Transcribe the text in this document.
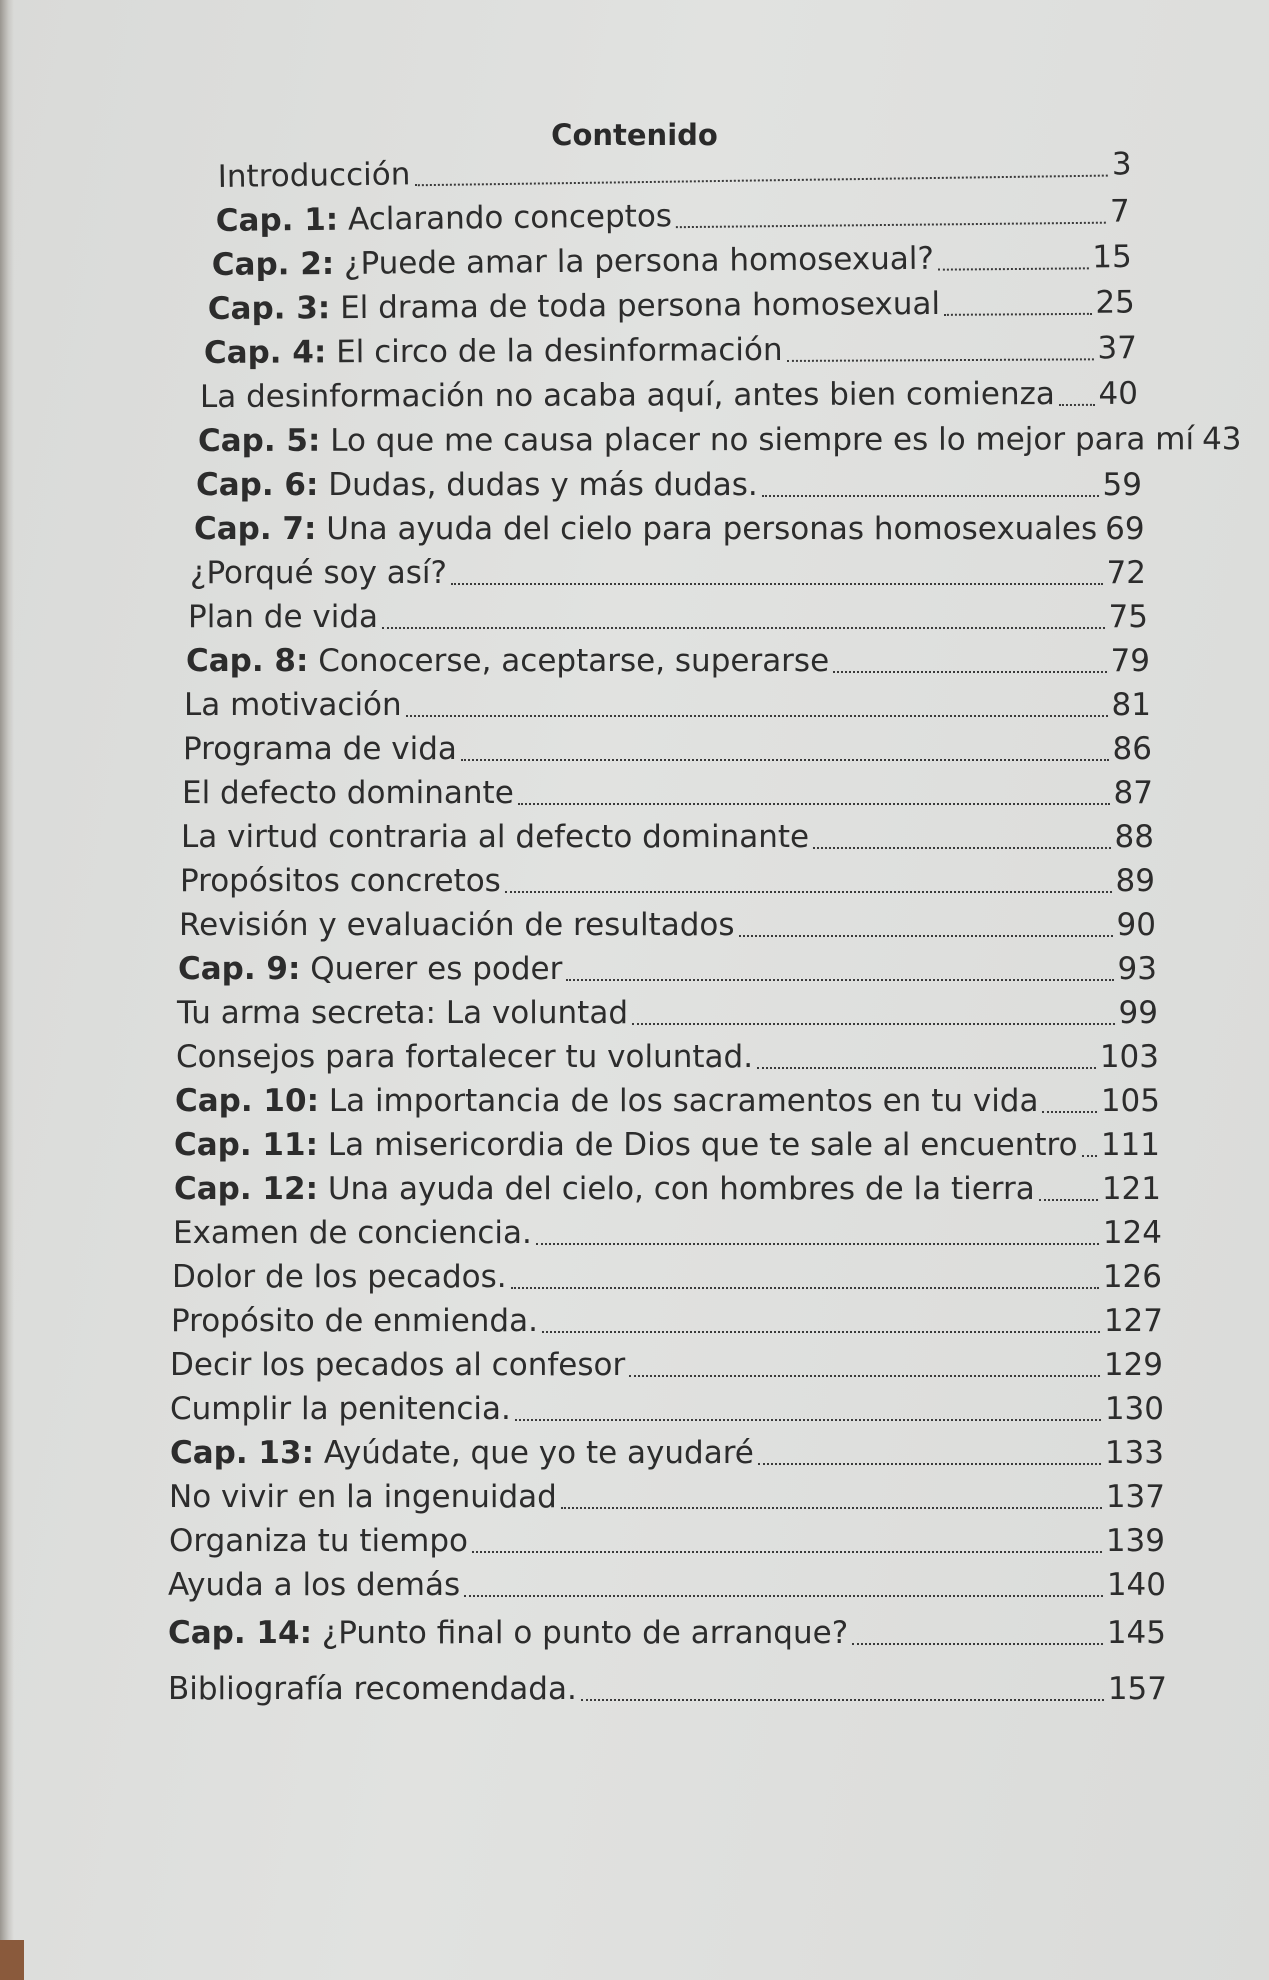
Contenido
Introducción	3
Cap. 1: Aclarando conceptos	7
Cap. 2: ¿Puede amar la persona homosexual?	15
Cap. 3: El drama de toda persona homosexual	25
Cap. 4: El circo de la desinformación	37
La desinformación no acaba aquí, antes bien comienza 40
Cap. 5: Lo que me causa placer no siempre es lo mejor para mí 43
Cap. 6: Dudas, dudas y más dudas.	59
Cap. 7: Una ayuda del cielo para personas homosexuales 69
¿Porqué soy así?	72
Plan de vida	75
Cap. 8: Conocerse, aceptarse, superarse	79
La motivación	81
Programa de vida	86
El defecto dominante	87
La virtud contraria al defecto dominante	88
Propósitos concretos	89
Revisión y evaluación de resultados	90
Cap. 9: Querer es poder	93
Tu arma secreta: La voluntad	99
Consejos para fortalecer tu voluntad.	103
Cap. 10: La importancia de los sacramentos en tu vida 105
Cap. 11: La misericordia de Dios que te sale al encuentro 111
Cap. 12: Una ayuda del cielo, con hombres de la tierra 121
Examen de conciencia.	124
Dolor de los pecados.	126
Propósito de enmienda.	127
Decir los pecados al confesor	129
Cumplir la penitencia.	130
Cap. 13: Ayúdate, que yo te ayudaré	133
No vivir en la ingenuidad	137
Organiza tu tiempo	139
Ayuda a los demás	140
Cap. 14: ¿Punto final o punto de arranque?	145
Bibliografía recomendada.	157
